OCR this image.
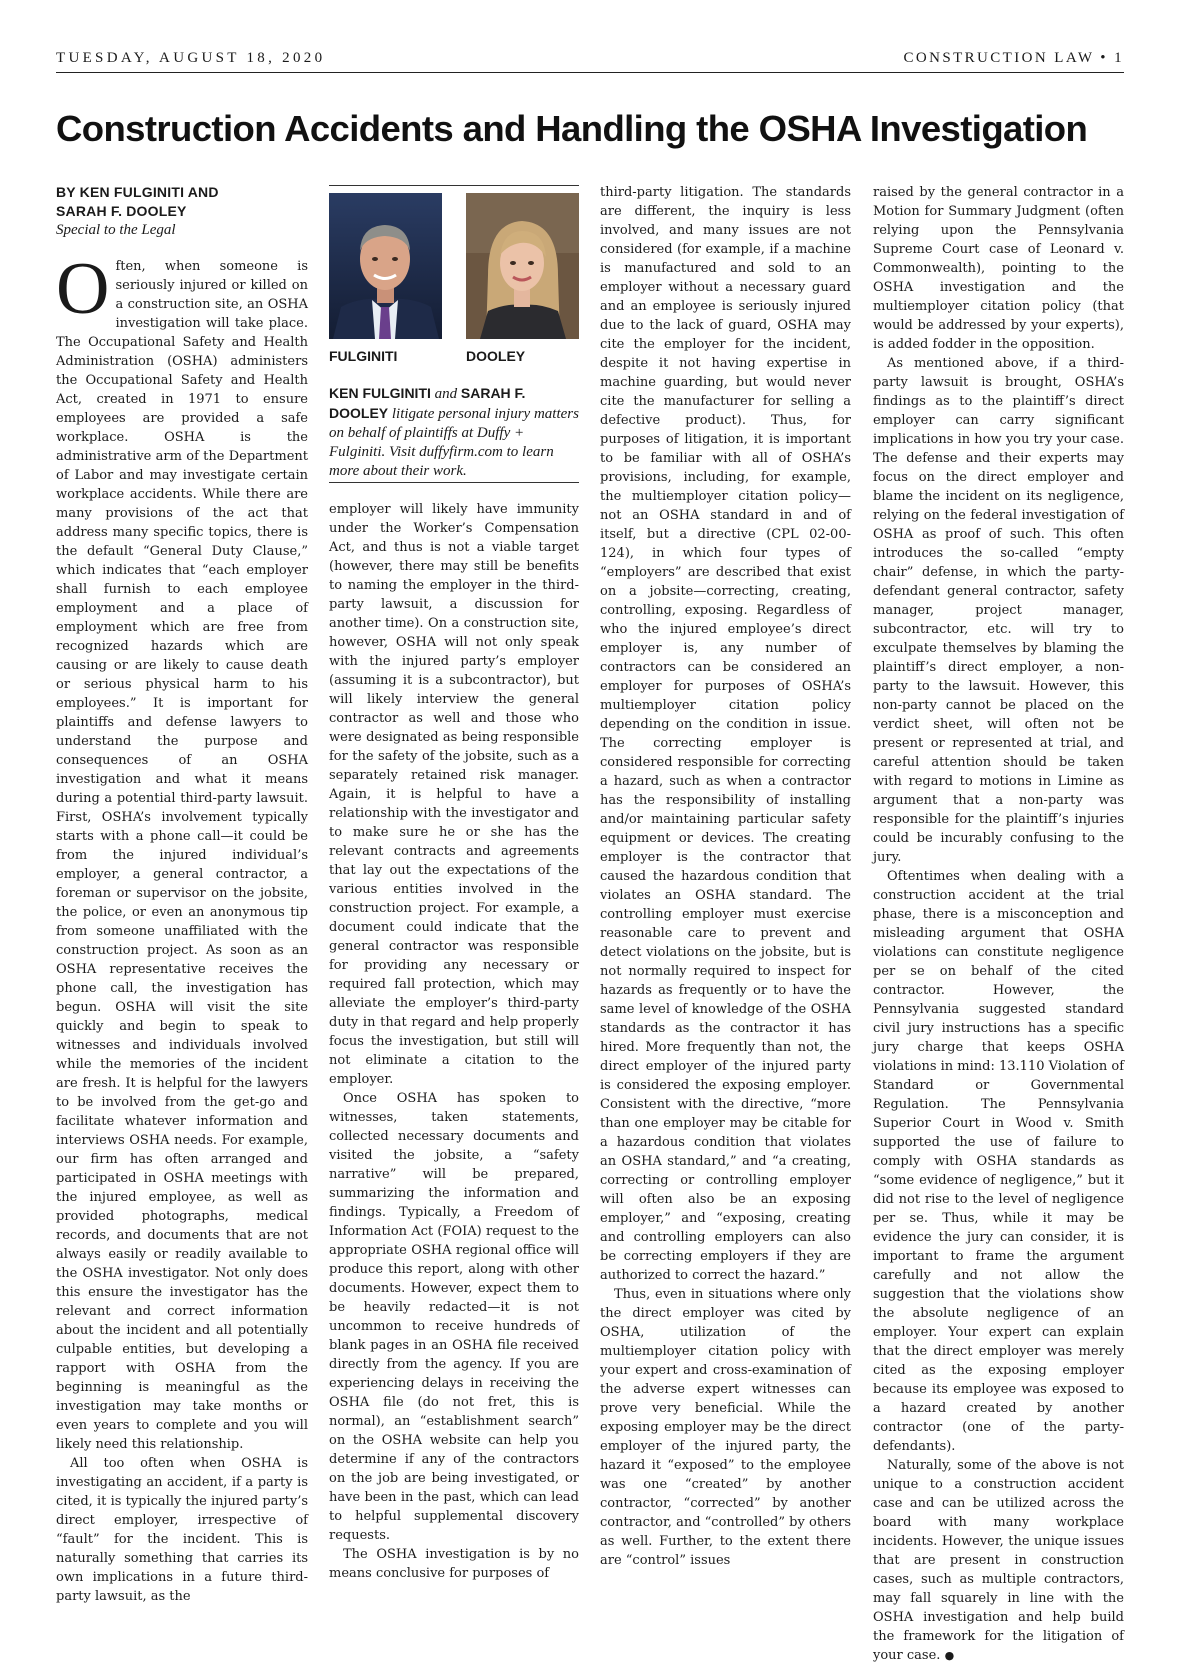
TUESDAY, AUGUST 18, 2020	CONSTRUCTION LAW • 1
Construction Accidents and Handling the OSHA Investigation
BY KEN FULGINITI AND
SARAH F. DOOLEY
Special to the Legal

Often, when someone is seriously injured or killed on a construction site, an OSHA investigation will take place. The Occupational Safety and Health Administration (OSHA) administers the Occupational Safety and Health Act, created in 1971 to ensure employees are provided a safe workplace. OSHA is the administrative arm of the Department of Labor and may investigate certain workplace accidents. While there are many provisions of the act that address many specific topics, there is the default “General Duty Clause,” which indicates that “each employer shall furnish to each employee employment and a place of employment which are free from recognized hazards which are causing or are likely to cause death or serious physical harm to his employees.” It is important for plaintiffs and defense lawyers to understand the purpose and consequences of an OSHA investigation and what it means during a potential third-party lawsuit. First, OSHA’s involvement typically starts with a phone call—it could be from the injured individual’s employer, a general contractor, a foreman or supervisor on the jobsite, the police, or even an anonymous tip from someone unaffiliated with the construction project. As soon as an OSHA representative receives the phone call, the investigation has begun. OSHA will visit the site quickly and begin to speak to witnesses and individuals involved while the memories of the incident are fresh. It is helpful for the lawyers to be involved from the get-go and facilitate whatever information and interviews OSHA needs. For example, our firm has often arranged and participated in OSHA meetings with the injured employee, as well as provided photographs, medical records, and documents that are not always easily or readily available to the OSHA investigator. Not only does this ensure the investigator has the relevant and correct information about the incident and all potentially culpable entities, but developing a rapport with OSHA from the beginning is meaningful as the investigation may take months or even years to complete and you will likely need this relationship.

All too often when OSHA is investigating an accident, if a party is cited, it is typically the injured party’s direct employer, irrespective of “fault” for the incident. This is naturally something that carries its own implications in a future third-party lawsuit, as the

FULGINITI	DOOLEY
KEN FULGINITI and SARAH F. DOOLEY litigate personal injury matters on behalf of plaintiffs at Duffy + Fulginiti. Visit duffyfirm.com to learn more about their work.

employer will likely have immunity under the Worker’s Compensation Act, and thus is not a viable target (however, there may still be benefits to naming the employer in the third-party lawsuit, a discussion for another time). On a construction site, however, OSHA will not only speak with the injured party’s employer (assuming it is a subcontractor), but will likely interview the general contractor as well and those who were designated as being responsible for the safety of the jobsite, such as a separately retained risk manager. Again, it is helpful to have a relationship with the investigator and to make sure he or she has the relevant contracts and agreements that lay out the expectations of the various entities involved in the construction project. For example, a document could indicate that the general contractor was responsible for providing any necessary or required fall protection, which may alleviate the employer’s third-party duty in that regard and help properly focus the investigation, but still will not eliminate a citation to the employer.

Once OSHA has spoken to witnesses, taken statements, collected necessary documents and visited the jobsite, a “safety narrative” will be prepared, summarizing the information and findings. Typically, a Freedom of Information Act (FOIA) request to the appropriate OSHA regional office will produce this report, along with other documents. However, expect them to be heavily redacted—it is not uncommon to receive hundreds of blank pages in an OSHA file received directly from the agency. If you are experiencing delays in receiving the OSHA file (do not fret, this is normal), an “establishment search” on the OSHA website can help you determine if any of the contractors on the job are being investigated, or have been in the past, which can lead to helpful supplemental discovery requests.

The OSHA investigation is by no means conclusive for purposes of

third-party litigation. The standards are different, the inquiry is less involved, and many issues are not considered (for example, if a machine is manufactured and sold to an employer without a necessary guard and an employee is seriously injured due to the lack of guard, OSHA may cite the employer for the incident, despite it not having expertise in machine guarding, but would never cite the manufacturer for selling a defective product). Thus, for purposes of litigation, it is important to be familiar with all of OSHA’s provisions, including, for example, the multiemployer citation policy—not an OSHA standard in and of itself, but a directive (CPL 02-00-124), in which four types of “employers” are described that exist on a jobsite—correcting, creating, controlling, exposing. Regardless of who the injured employee’s direct employer is, any number of contractors can be considered an employer for purposes of OSHA’s multiemployer citation policy depending on the condition in issue. The correcting employer is considered responsible for correcting a hazard, such as when a contractor has the responsibility of installing and/or maintaining particular safety equipment or devices. The creating employer is the contractor that caused the hazardous condition that violates an OSHA standard. The controlling employer must exercise reasonable care to prevent and detect violations on the jobsite, but is not normally required to inspect for hazards as frequently or to have the same level of knowledge of the OSHA standards as the contractor it has hired. More frequently than not, the direct employer of the injured party is considered the exposing employer. Consistent with the directive, “more than one employer may be citable for a hazardous condition that violates an OSHA standard,” and “a creating, correcting or controlling employer will often also be an exposing employer,” and “exposing, creating and controlling employers can also be correcting employers if they are authorized to correct the hazard.”

Thus, even in situations where only the direct employer was cited by OSHA, utilization of the multiemployer citation policy with your expert and cross-examination of the adverse expert witnesses can prove very beneficial. While the exposing employer may be the direct employer of the injured party, the hazard it “exposed” to the employee was one “created” by another contractor, “corrected” by another contractor, and “controlled” by others as well. Further, to the extent there are “control” issues

raised by the general contractor in a Motion for Summary Judgment (often relying upon the Pennsylvania Supreme Court case of Leonard v. Commonwealth), pointing to the OSHA investigation and the multiemployer citation policy (that would be addressed by your experts), is added fodder in the opposition.

As mentioned above, if a third-party lawsuit is brought, OSHA’s findings as to the plaintiff’s direct employer can carry significant implications in how you try your case. The defense and their experts may focus on the direct employer and blame the incident on its negligence, relying on the federal investigation of OSHA as proof of such. This often introduces the so-called “empty chair” defense, in which the party-defendant general contractor, safety manager, project manager, subcontractor, etc. will try to exculpate themselves by blaming the plaintiff’s direct employer, a non-party to the lawsuit. However, this non-party cannot be placed on the verdict sheet, will often not be present or represented at trial, and careful attention should be taken with regard to motions in Limine as argument that a non-party was responsible for the plaintiff’s injuries could be incurably confusing to the jury.

Oftentimes when dealing with a construction accident at the trial phase, there is a misconception and misleading argument that OSHA violations can constitute negligence per se on behalf of the cited contractor. However, the Pennsylvania suggested standard civil jury instructions has a specific jury charge that keeps OSHA violations in mind: 13.110 Violation of Standard or Governmental Regulation. The Pennsylvania Superior Court in Wood v. Smith supported the use of failure to comply with OSHA standards as “some evidence of negligence,” but it did not rise to the level of negligence per se. Thus, while it may be evidence the jury can consider, it is important to frame the argument carefully and not allow the suggestion that the violations show the absolute negligence of an employer. Your expert can explain that the direct employer was merely cited as the exposing employer because its employee was exposed to a hazard created by another contractor (one of the party-defendants).

Naturally, some of the above is not unique to a construction accident case and can be utilized across the board with many workplace incidents. However, the unique issues that are present in construction cases, such as multiple contractors, may fall squarely in line with the OSHA investigation and help build the framework for the litigation of your case. ●
